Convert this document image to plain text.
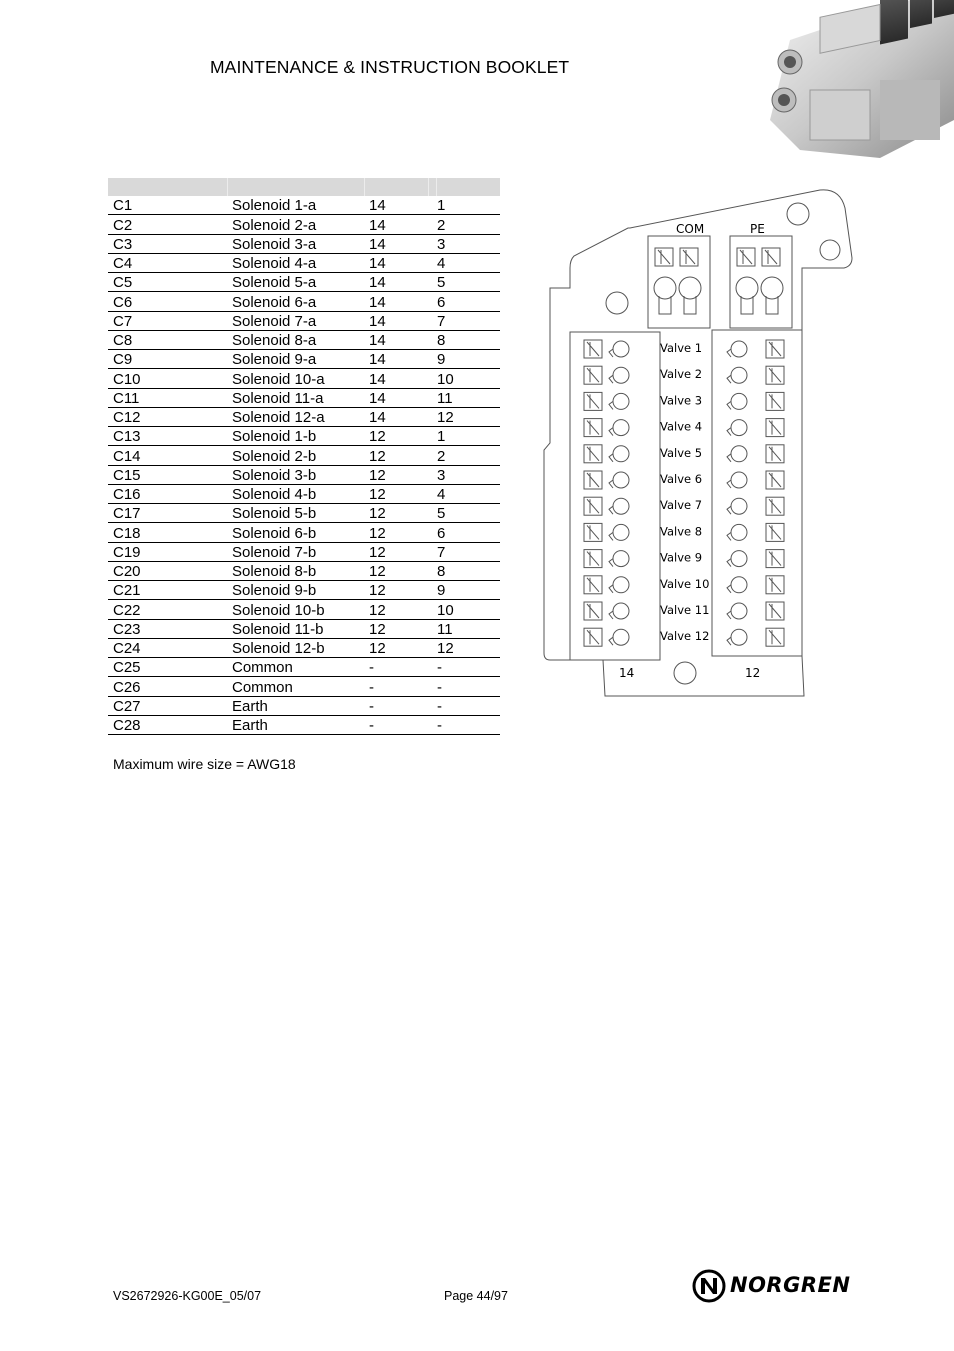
MAINTENANCE & INSTRUCTION BOOKLET
C1	Solenoid 1-a	14	1
C2	Solenoid 2-a	14	2
C3	Solenoid 3-a	14	3
C4	Solenoid 4-a	14	4
C5	Solenoid 5-a	14	5
C6	Solenoid 6-a	14	6
C7	Solenoid 7-a	14	7
C8	Solenoid 8-a	14	8
C9	Solenoid 9-a	14	9
C10	Solenoid 10-a	14	10
C11	Solenoid 11-a	14	11
C12	Solenoid 12-a	14	12
C13	Solenoid 1-b	12	1
C14	Solenoid 2-b	12	2
C15	Solenoid 3-b	12	3
C16	Solenoid 4-b	12	4
C17	Solenoid 5-b	12	5
C18	Solenoid 6-b	12	6
C19	Solenoid 7-b	12	7
C20	Solenoid 8-b	12	8
C21	Solenoid 9-b	12	9
C22	Solenoid 10-b	12	10
C23	Solenoid 11-b	12	11
C24	Solenoid 12-b	12	12
C25	Common	-	-
C26	Common	-	-
C27	Earth	-	-
C28	Earth	-	-
Maximum wire size = AWG18
COM	PE
14	12
Valve 1
Valve 2
Valve 3
Valve 4
Valve 5
Valve 6
Valve 7
Valve 8
Valve 9
Valve 10
Valve 11
Valve 12
VS2672926-KG00E_05/07	Page 44/97	NORGREN
